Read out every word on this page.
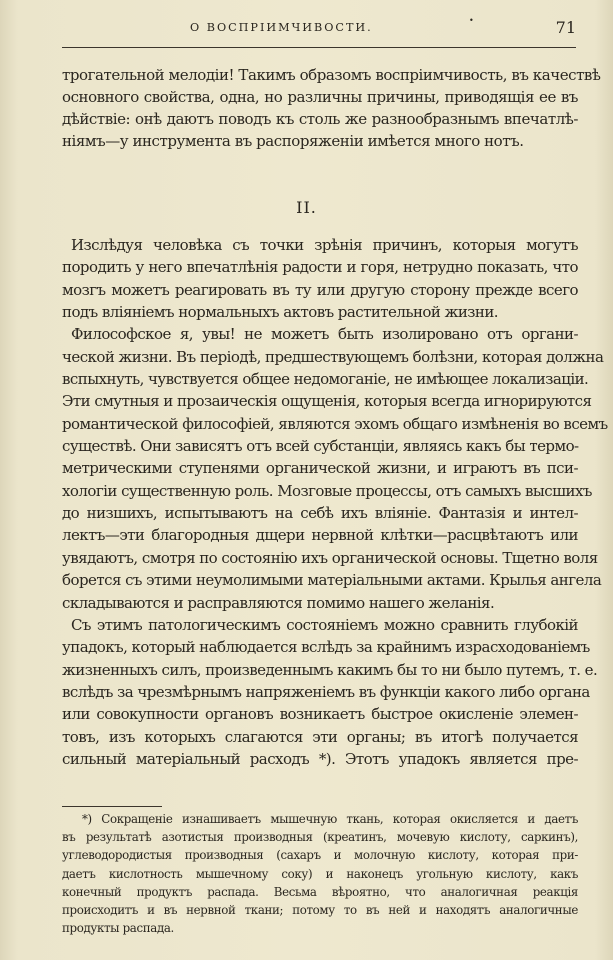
О ВОСПРІИМЧИВОСТИ.
•	71
трогательной мелодіи! Такимъ образомъ воспріимчивость, въ качествѣ
основного свойства, одна, но различны причины, приводящія ее въ
дѣйствіе: онѣ даютъ поводъ къ столь же разнообразнымъ впечатлѣ-
ніямъ—у инструмента въ распоряженіи имѣется много нотъ.
II.
Изслѣдуя человѣка съ точки зрѣнія причинъ, которыя могутъ
породить у него впечатлѣнія радости и горя, нетрудно показать, что
мозгъ можетъ реагировать въ ту или другую сторону прежде всего
подъ вліяніемъ нормальныхъ актовъ растительной жизни.
Философское я, увы! не можетъ быть изолировано отъ органи-
ческой жизни. Въ періодѣ, предшествующемъ болѣзни, которая должна
вспыхнуть, чувствуется общее недомоганіе, не имѣющее локализаціи.
Эти смутныя и прозаическія ощущенія, которыя всегда игнорируются
романтической философіей, являются эхомъ общаго измѣненія во всемъ
существѣ. Они зависятъ отъ всей субстанціи, являясь какъ бы термо-
метрическими ступенями органической жизни, и играютъ въ пси-
хологіи существенную роль. Мозговые процессы, отъ самыхъ высшихъ
до низшихъ, испытываютъ на себѣ ихъ вліяніе. Фантазія и интел-
лектъ—эти благородныя дщери нервной клѣтки—расцвѣтаютъ или
увядаютъ, смотря по состоянію ихъ органической основы. Тщетно воля
борется съ этими неумолимыми матеріальными актами. Крылья ангела
складываются и расправляются помимо нашего желанія.
Съ этимъ патологическимъ состояніемъ можно сравнить глубокій
упадокъ, который наблюдается вслѣдъ за крайнимъ израсходованіемъ
жизненныхъ силъ, произведеннымъ какимъ бы то ни было путемъ, т. е.
вслѣдъ за чрезмѣрнымъ напряженіемъ въ функціи какого либо органа
или совокупности органовъ возникаетъ быстрое окисленіе элемен-
товъ, изъ которыхъ слагаются эти органы; въ итогѣ получается
сильный матеріальный расходъ *). Этотъ упадокъ является пре-
*) Сокращеніе изнашиваетъ мышечную ткань, которая окисляется и даетъ
въ результатѣ азотистыя производныя (креатинъ, мочевую кислоту, саркинъ),
углеводородистыя производныя (сахаръ и молочную кислоту, которая при-
даетъ кислотность мышечному соку) и наконецъ угольную кислоту, какъ
конечный продуктъ распада. Весьма вѣроятно, что аналогичная реакція
происходитъ и въ нервной ткани; потому то въ ней и находятъ аналогичные
продукты распада.
